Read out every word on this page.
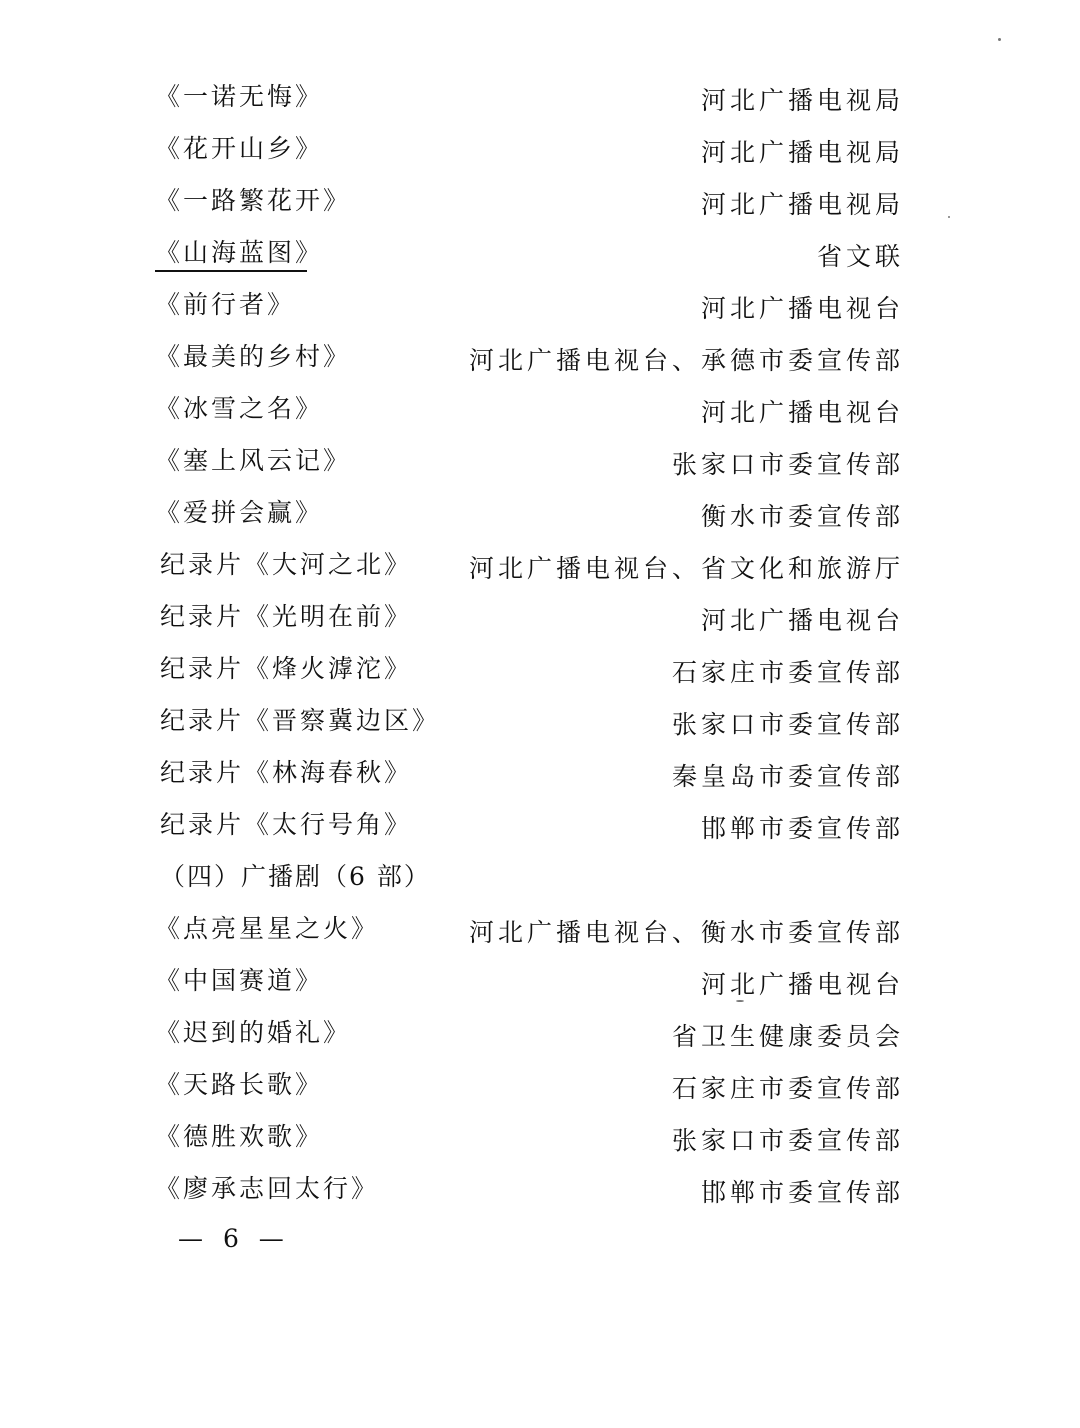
《一诺无悔》	河北广播电视局
《花开山乡》	河北广播电视局
《一路繁花开》	河北广播电视局
《山海蓝图》	省文联
《前行者》	河北广播电视台
《最美的乡村》	河北广播电视台、承德市委宣传部
《冰雪之名》	河北广播电视台
《塞上风云记》	张家口市委宣传部
《爱拼会赢》	衡水市委宣传部
纪录片《大河之北》 河北广播电视台、省文化和旅游厅
纪录片《光明在前》	河北广播电视台
纪录片《烽火滹沱》	石家庄市委宣传部
纪录片《晋察冀边区》	张家口市委宣传部
纪录片《林海春秋》	秦皇岛市委宣传部
纪录片《太行号角》	邯郸市委宣传部
（四）广播剧（6 部）
《点亮星星之火》	河北广播电视台、衡水市委宣传部
《中国赛道》	河北广播电视台
《迟到的婚礼》	省卫生健康委员会
《天路长歌》	石家庄市委宣传部
《德胜欢歌》	张家口市委宣传部
《廖承志回太行》	邯郸市委宣传部
— 6 —
